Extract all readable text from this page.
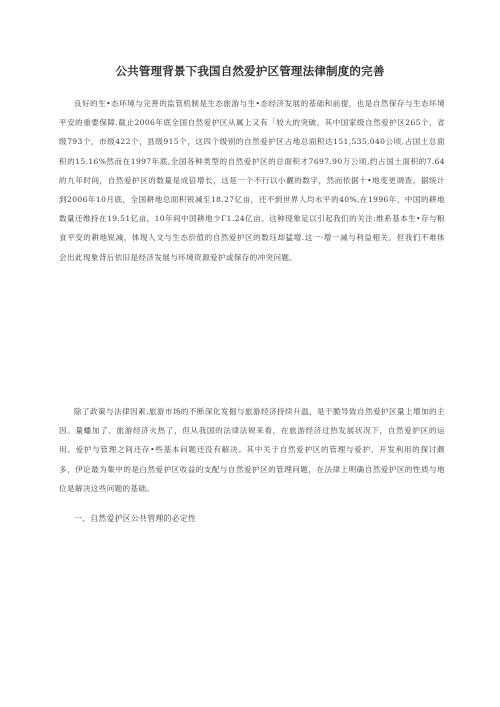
公共管理背景下我国自然爱护区管理法律制度的完善
良好的生•态环境与完善的监管机制是生态旅游与生•态经济发展的基础和前提，也是自然保存与生态环境平安的重要保障.截止2006年底全国自然爱护区从属上又有「较大的突破，其中国家级自然爱护区265个，省级793个，市级422个，县级915个，这四个级别的自然爱护区占地总面积达151,535,040公顷,占国土总面积的15.16%然而在1997年底,全国各种类型的自然爱护区的总面积才7697.90万公顷,约占国土面积的7.64的九年时间，自然爱护区的数量是成倍增长，这是一个不行以小觑的数字，然而依据十•地变更调查，据统计到2006年10月底，全国耕地总面积锐减至18.27亿亩，还不到世界人均水平的40%,在1996年，中国的耕地数量还维持在19.51亿亩，10年间中国耕地少Γ1.24亿亩。这种现象足以引起我们的关注:维系基本生•存与粮食平安的耕地锐减，体现人文与生态价值的自然爱护区的数珏却猛增.这一-增一减与利益相关。但我们不难体会出此现象背后依旧是经济发展与环境资源爱护或保存的冲突问题。
除了政策与法律因素.旅游市场的不断深化发掘与旅游经济持续升温，是干脆导致自然爱护区量上增加的主因。量蟠加了、旅游经济火热了，但从我国的法律法规来看，在旅游经济过热发展状况下，自然爱护区的运用、爱护与管理之间还存•些基本问题还没有解决。其中关于自然爱护区的管理与爱护、开发利用的探讨颇多，伊论最为集中的是白然爱护区收益的支配与自然爱护区的管理问题，在法律上明确自然爱护区的性质与地位是解决这些问题的基础。
一、自然爱护区公共管理的必定性
